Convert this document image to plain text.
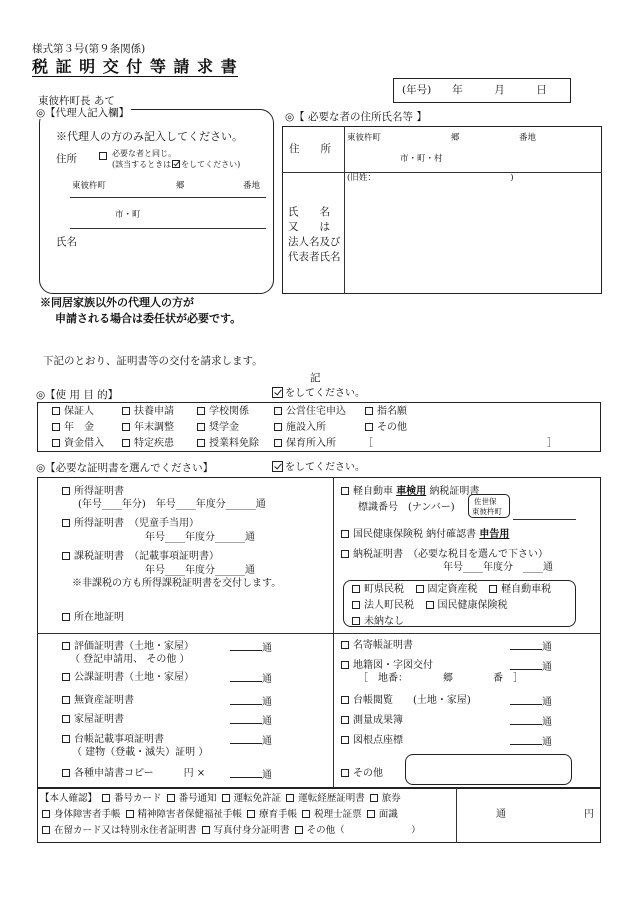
様式第３号(第９条関係)
税 証 明 交 付 等 請 求 書
(年号)　　年　　　月　　　日
東彼杵町長 あて
◎【代理人記入欄】
※代理人の方のみ記入してください。
住所	必要な者と同じ。
(該当するときは をしてください)
東彼杵町	郷	番地
市・町
氏名
※同居家族以外の代理人の方が
申請される場合は委任状が必要です。
◎【 必要な者の住所氏名等 】
住　　所
東彼杵町	郷	番地
市・町・村
(旧姓：　　　　　　　　　　　　　　　　 )
氏　　名
又　　は
法人名及び
代表者氏名
下記のとおり、証明書等の交付を請求します。
記
◎【使 用 目 的】	をしてください。
保証人	扶養申請	学校関係	公営住宅申込	指名願
年　金	年末調整	奨学金	施設入所	その他
資金借入	特定疾患	授業料免除	保育所入所	［	］
◎【必要な証明書を選んでください】	をしてください。
所得証明書
(年号____年分)　年号____年度分______通
所得証明書　（児童手当用）
年号____年度分______通
課税証明書　（記載事項証明書）
年号____年度分______通
※非課税の方も所得課税証明書を交付します。
所在地証明
軽自動車 車検用 納税証明書
標識番号　(ナンバー)
佐世保
東彼杵町
国民健康保険税 納付確認書 申告用
納税証明書　（必要な税目を選んで下さい）
年号____年度分　____通
町県民税 固定資産税 軽自動車税
法人町民税 国民健康保険税
未納なし
評価証明書（土地・家屋）	通
（ 登記申請用、 その他 ）
公課証明書（土地・家屋）	通
無資産証明書	通
家屋証明書	通
台帳記載事項証明書	通
（ 建物（登載・滅失）証明 ）
各種申請書コピー　　　円 ×	通
名寄帳証明書	通
地籍図・字図交付	通
［　地番：　　　　郷　　　　番　］
台帳閲覧　　(土地・家屋)	通
測量成果簿	通
図根点座標	通
その他
【本人確認】 番号カード 番号通知 運転免許証 運転経歴証明書 旅券
身体障害者手帳 精神障害者保健福祉手帳 療育手帳 税理士証票 面識
在留カード又は特別永住者証明書 写真付身分証明書 その他（　　　　　　　）
通	円
